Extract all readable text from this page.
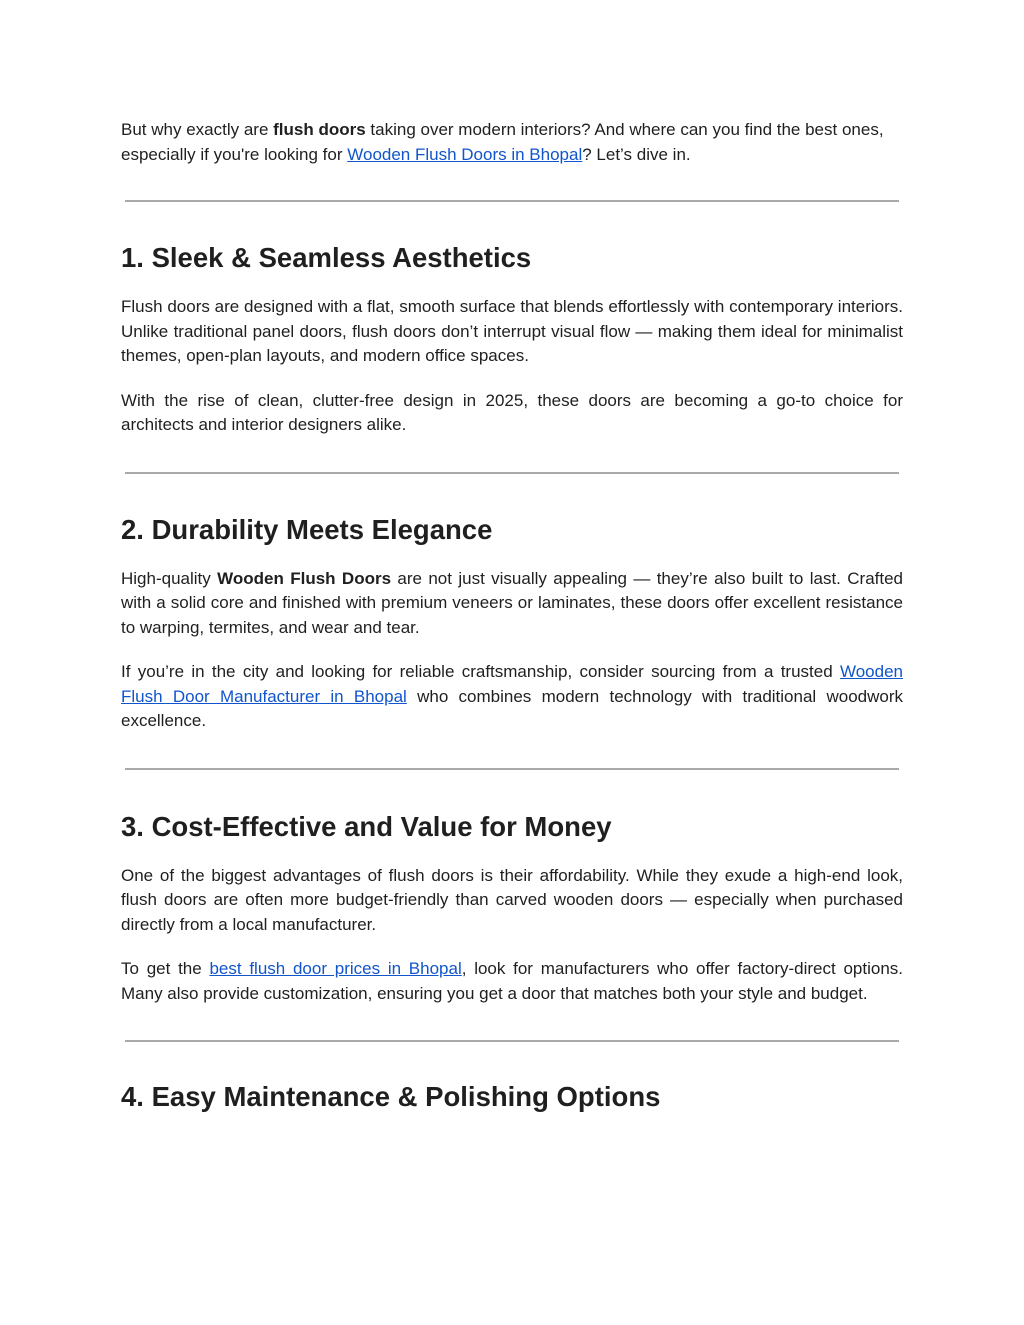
But why exactly are flush doors taking over modern interiors? And where can you find the best ones, especially if you're looking for Wooden Flush Doors in Bhopal? Let’s dive in.

1. Sleek & Seamless Aesthetics

Flush doors are designed with a flat, smooth surface that blends effortlessly with contemporary interiors. Unlike traditional panel doors, flush doors don’t interrupt visual flow — making them ideal for minimalist themes, open-plan layouts, and modern office spaces.

With the rise of clean, clutter-free design in 2025, these doors are becoming a go-to choice for architects and interior designers alike.

2. Durability Meets Elegance

High-quality Wooden Flush Doors are not just visually appealing — they’re also built to last. Crafted with a solid core and finished with premium veneers or laminates, these doors offer excellent resistance to warping, termites, and wear and tear.

If you’re in the city and looking for reliable craftsmanship, consider sourcing from a trusted Wooden Flush Door Manufacturer in Bhopal who combines modern technology with traditional woodwork excellence.

3. Cost-Effective and Value for Money

One of the biggest advantages of flush doors is their affordability. While they exude a high-end look, flush doors are often more budget-friendly than carved wooden doors — especially when purchased directly from a local manufacturer.

To get the best flush door prices in Bhopal, look for manufacturers who offer factory-direct options. Many also provide customization, ensuring you get a door that matches both your style and budget.

4. Easy Maintenance & Polishing Options
